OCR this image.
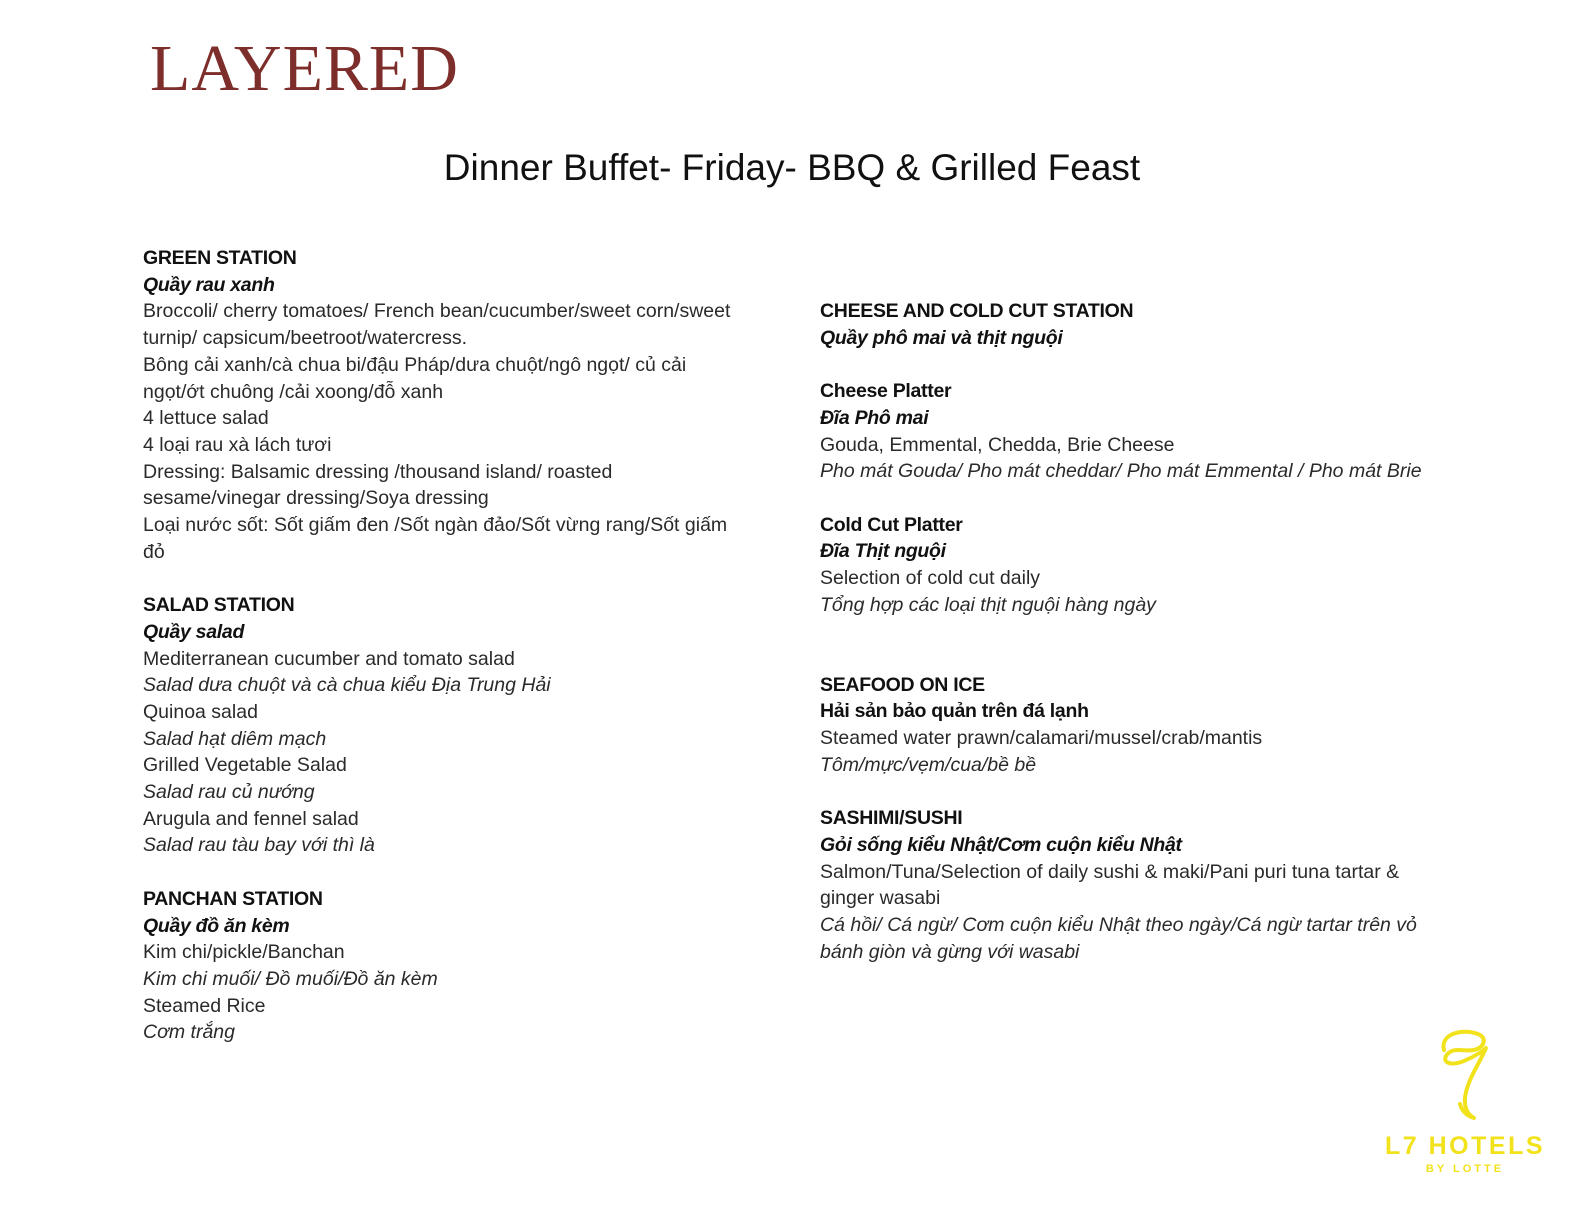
LAYERED
Dinner Buffet- Friday- BBQ & Grilled Feast
GREEN STATION
Quầy rau xanh
Broccoli/ cherry tomatoes/ French bean/cucumber/sweet corn/sweet turnip/ capsicum/beetroot/watercress.
Bông cải xanh/cà chua bi/đậu Pháp/dưa chuột/ngô ngọt/ củ cải ngọt/ớt chuông /cải xoong/đỗ xanh
4 lettuce salad
4 loại rau xà lách tươi
Dressing: Balsamic dressing /thousand island/ roasted sesame/vinegar dressing/Soya dressing
Loại nước sốt: Sốt giấm đen /Sốt ngàn đảo/Sốt vừng rang/Sốt giấm đỏ
SALAD STATION
Quầy salad
Mediterranean cucumber and tomato salad
Salad dưa chuột và cà chua kiểu Địa Trung Hải
Quinoa salad
Salad hạt diêm mạch
Grilled Vegetable Salad
Salad rau củ nướng
Arugula and fennel salad
Salad rau tàu bay với thì là
PANCHAN STATION
Quầy đồ ăn kèm
Kim chi/pickle/Banchan
Kim chi muối/ Đồ muối/Đồ ăn kèm
Steamed Rice
Cơm trắng
CHEESE AND COLD CUT STATION
Quầy phô mai và thịt nguội
Cheese Platter
Đĩa Phô mai
Gouda, Emmental, Chedda, Brie Cheese
Pho mát Gouda/ Pho mát cheddar/ Pho mát Emmental / Pho mát Brie
Cold Cut Platter
Đĩa Thịt nguội
Selection of cold cut daily
Tổng hợp các loại thịt nguội hàng ngày
SEAFOOD ON ICE
Hải sản bảo quản trên đá lạnh
Steamed water prawn/calamari/mussel/crab/mantis
Tôm/mực/vẹm/cua/bề bề
SASHIMI/SUSHI
Gỏi sống kiểu Nhật/Cơm cuộn kiểu Nhật
Salmon/Tuna/Selection of daily sushi & maki/Pani puri tuna tartar & ginger wasabi
Cá hồi/ Cá ngừ/ Cơm cuộn kiểu Nhật theo ngày/Cá ngừ tartar trên vỏ bánh giòn và gừng với wasabi
L7 HOTELS
BY LOTTE
